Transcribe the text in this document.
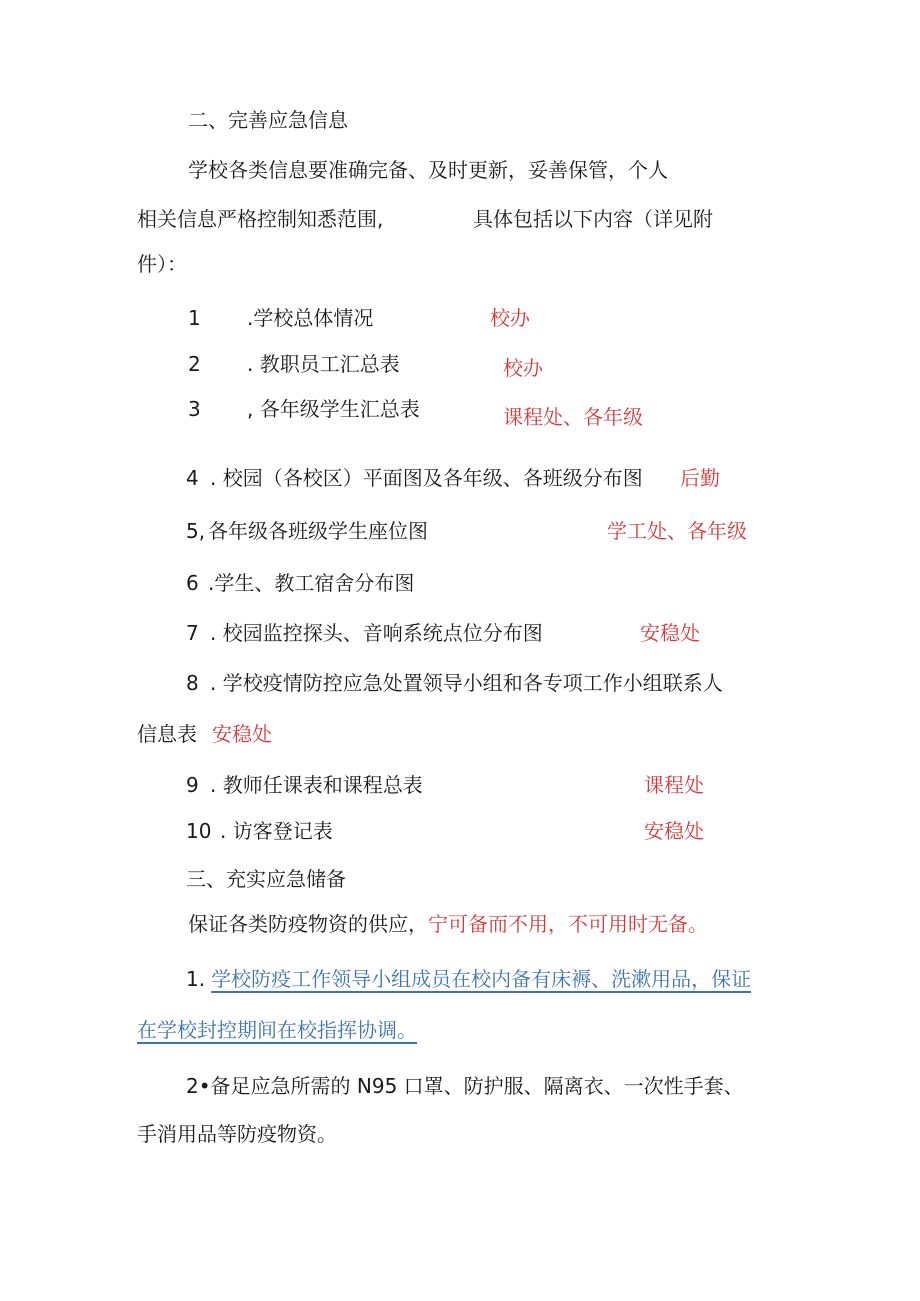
二、完善应急信息
学校各类信息要准确完备、及时更新，妥善保管，个人
相关信息严格控制知悉范围,	具体包括以下内容（详见附
件）：
1 .学校总体情况	校办
2 . 教职员工汇总表	校办
3 , 各年级学生汇总表	课程处、各年级
4 . 校园（各校区）平面图及各年级、各班级分布图 后勤
5, 各年级各班级学生座位图	学工处、各年级
6 .学生、教工宿舍分布图
7 . 校园监控探头、音响系统点位分布图	安稳处
8 . 学校疫情防控应急处置领导小组和各专项工作小组联系人
信息表 安稳处
9 . 教师任课表和课程总表	课程处
10 . 访客登记表	安稳处
三、充实应急储备
保证各类防疫物资的供应，宁可备而不用，不可用时无备。
1. 学校防疫工作领导小组成员在校内备有床褥、洗漱用品，保证
在学校封控期间在校指挥协调。
2•备足应急所需的 N95 口罩、防护服、隔离衣、一次性手套、
手消用品等防疫物资。
